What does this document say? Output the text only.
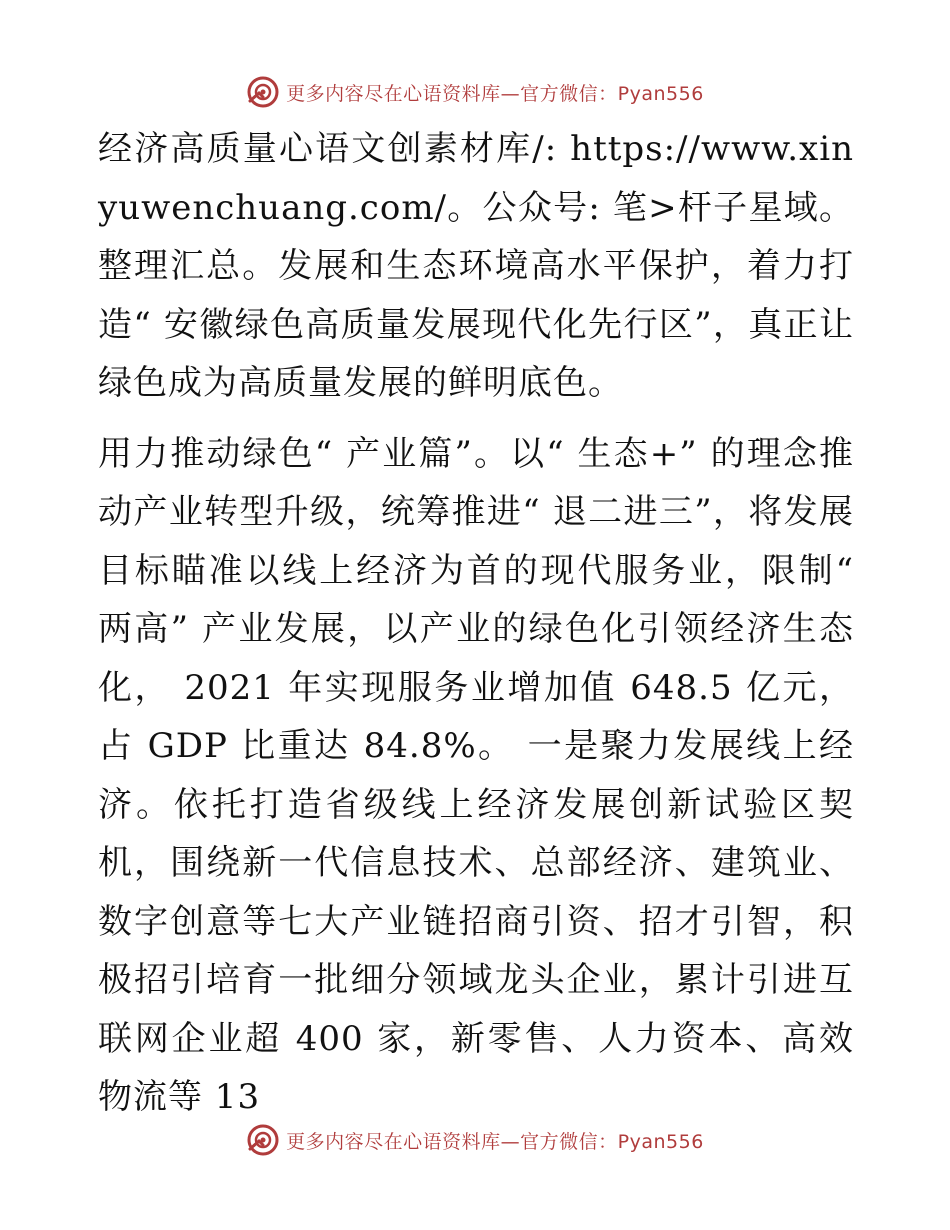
更多内容尽在心语资料库—官方微信：Pyan556

经济高质量心语文创素材库/: https://www.xinyuwenchuang.com/。公众号: 笔>杆子星域。整理汇总。发展和生态环境高水平保护，着力打造“ 安徽绿色高质量发展现代化先行区”，真正让绿色成为高质量发展的鲜明底色。

用力推动绿色“ 产业篇”。以“ 生态+” 的理念推动产业转型升级，统筹推进“ 退二进三”，将发展目标瞄准以线上经济为首的现代服务业，限制“ 两高” 产业发展，以产业的绿色化引领经济生态化， 2021 年实现服务业增加值 648.5 亿元， 占 GDP 比重达 84.8%。 一是聚力发展线上经济。依托打造省级线上经济发展创新试验区契机，围绕新一代信息技术、总部经济、建筑业、数字创意等七大产业链招商引资、招才引智，积极招引培育一批细分领域龙头企业，累计引进互联网企业超 400 家，新零售、人力资本、高效物流等 13

更多内容尽在心语资料库—官方微信：Pyan556
